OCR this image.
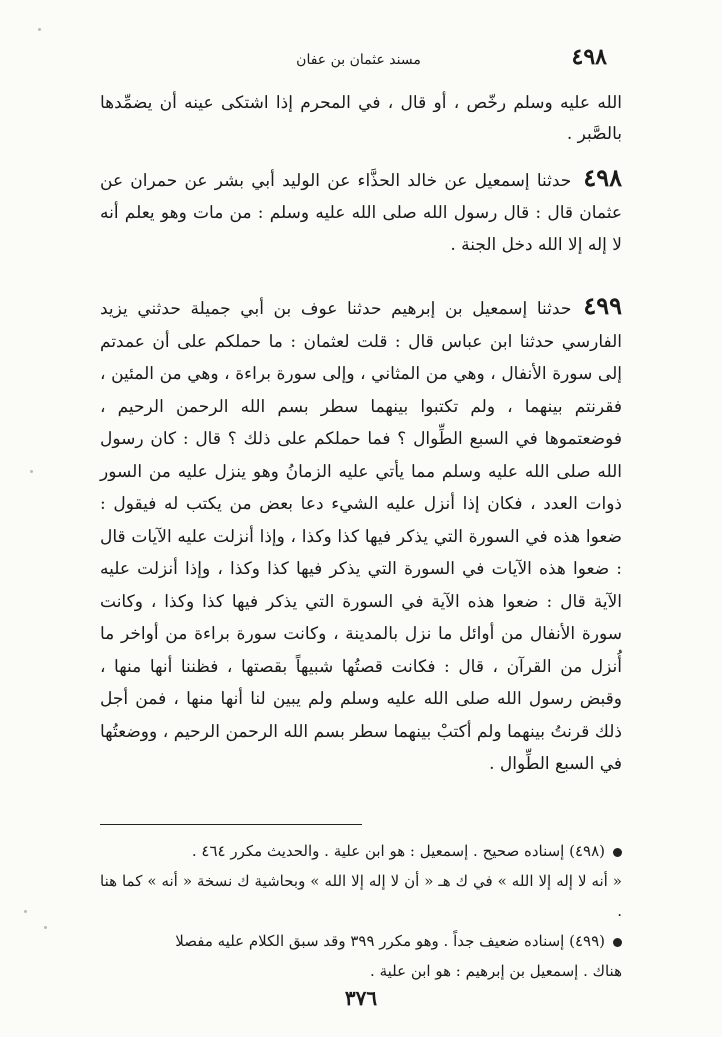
٤٩٨
مسند عثمان بن عفان

الله عليه وسلم رخّص ، أو قال ، في المحرم إذا اشتكى عينه أن يضمِّدها بالصَّبر .

٤٩٨حدثنا إسمعيل عن خالد الحذَّاء عن الوليد أبي بشر عن حمران عن عثمان قال : قال رسول الله صلى الله عليه وسلم : من مات وهو يعلم أنه لا إله إلا الله دخل الجنة .
٤٩٩حدثنا إسمعيل بن إبرهيم حدثنا عوف بن أبي جميلة حدثني يزيد الفارسي حدثنا ابن عباس قال : قلت لعثمان : ما حملكم على أن عمدتم إلى سورة الأنفال ، وهي من المثاني ، وإلى سورة براءة ، وهي من المئين ، فقرنتم بينهما ، ولم تكتبوا بينهما سطر بسم الله الرحمن الرحيم ، فوضعتموها في السبع الطِّوال ؟ فما حملكم على ذلك ؟ قال : كان رسول الله صلى الله عليه وسلم مما يأتي عليه الزمانُ وهو ينزل عليه من السور ذوات العدد ، فكان إذا أنزل عليه الشيء دعا بعض من يكتب له فيقول : ضعوا هذه في السورة التي يذكر فيها كذا وكذا ، وإذا أنزلت عليه الآيات قال : ضعوا هذه الآيات في السورة التي يذكر فيها كذا وكذا ، وإذا أنزلت عليه الآية قال : ضعوا هذه الآية في السورة التي يذكر فيها كذا وكذا ، وكانت سورة الأنفال من أوائل ما نزل بالمدينة ، وكانت سورة براءة من أواخر ما أُنزل من القرآن ، قال : فكانت قصتُها شبيهاً بقصتها ، فظننا أنها منها ، وقبض رسول الله صلى الله عليه وسلم ولم يبين لنا أنها منها ، فمن أجل ذلك قرنتُ بينهما ولم أكتبْ بينهما سطر بسم الله الرحمن الرحيم ، ووضعتُها في السبع الطِّوال .

(٤٩٨) إسناده صحيح . إسمعيل : هو ابن علية . والحديث مكرر ٤٦٤ .

« أنه لا إله إلا الله » في ك هـ « أن لا إله إلا الله » وبحاشية ك نسخة « أنه » كما هنا .

(٤٩٩) إسناده ضعيف جداً . وهو مكرر ٣٩٩ وقد سبق الكلام عليه مفصلا

هناك . إسمعيل بن إبرهيم : هو ابن علية .

٣٧٦
